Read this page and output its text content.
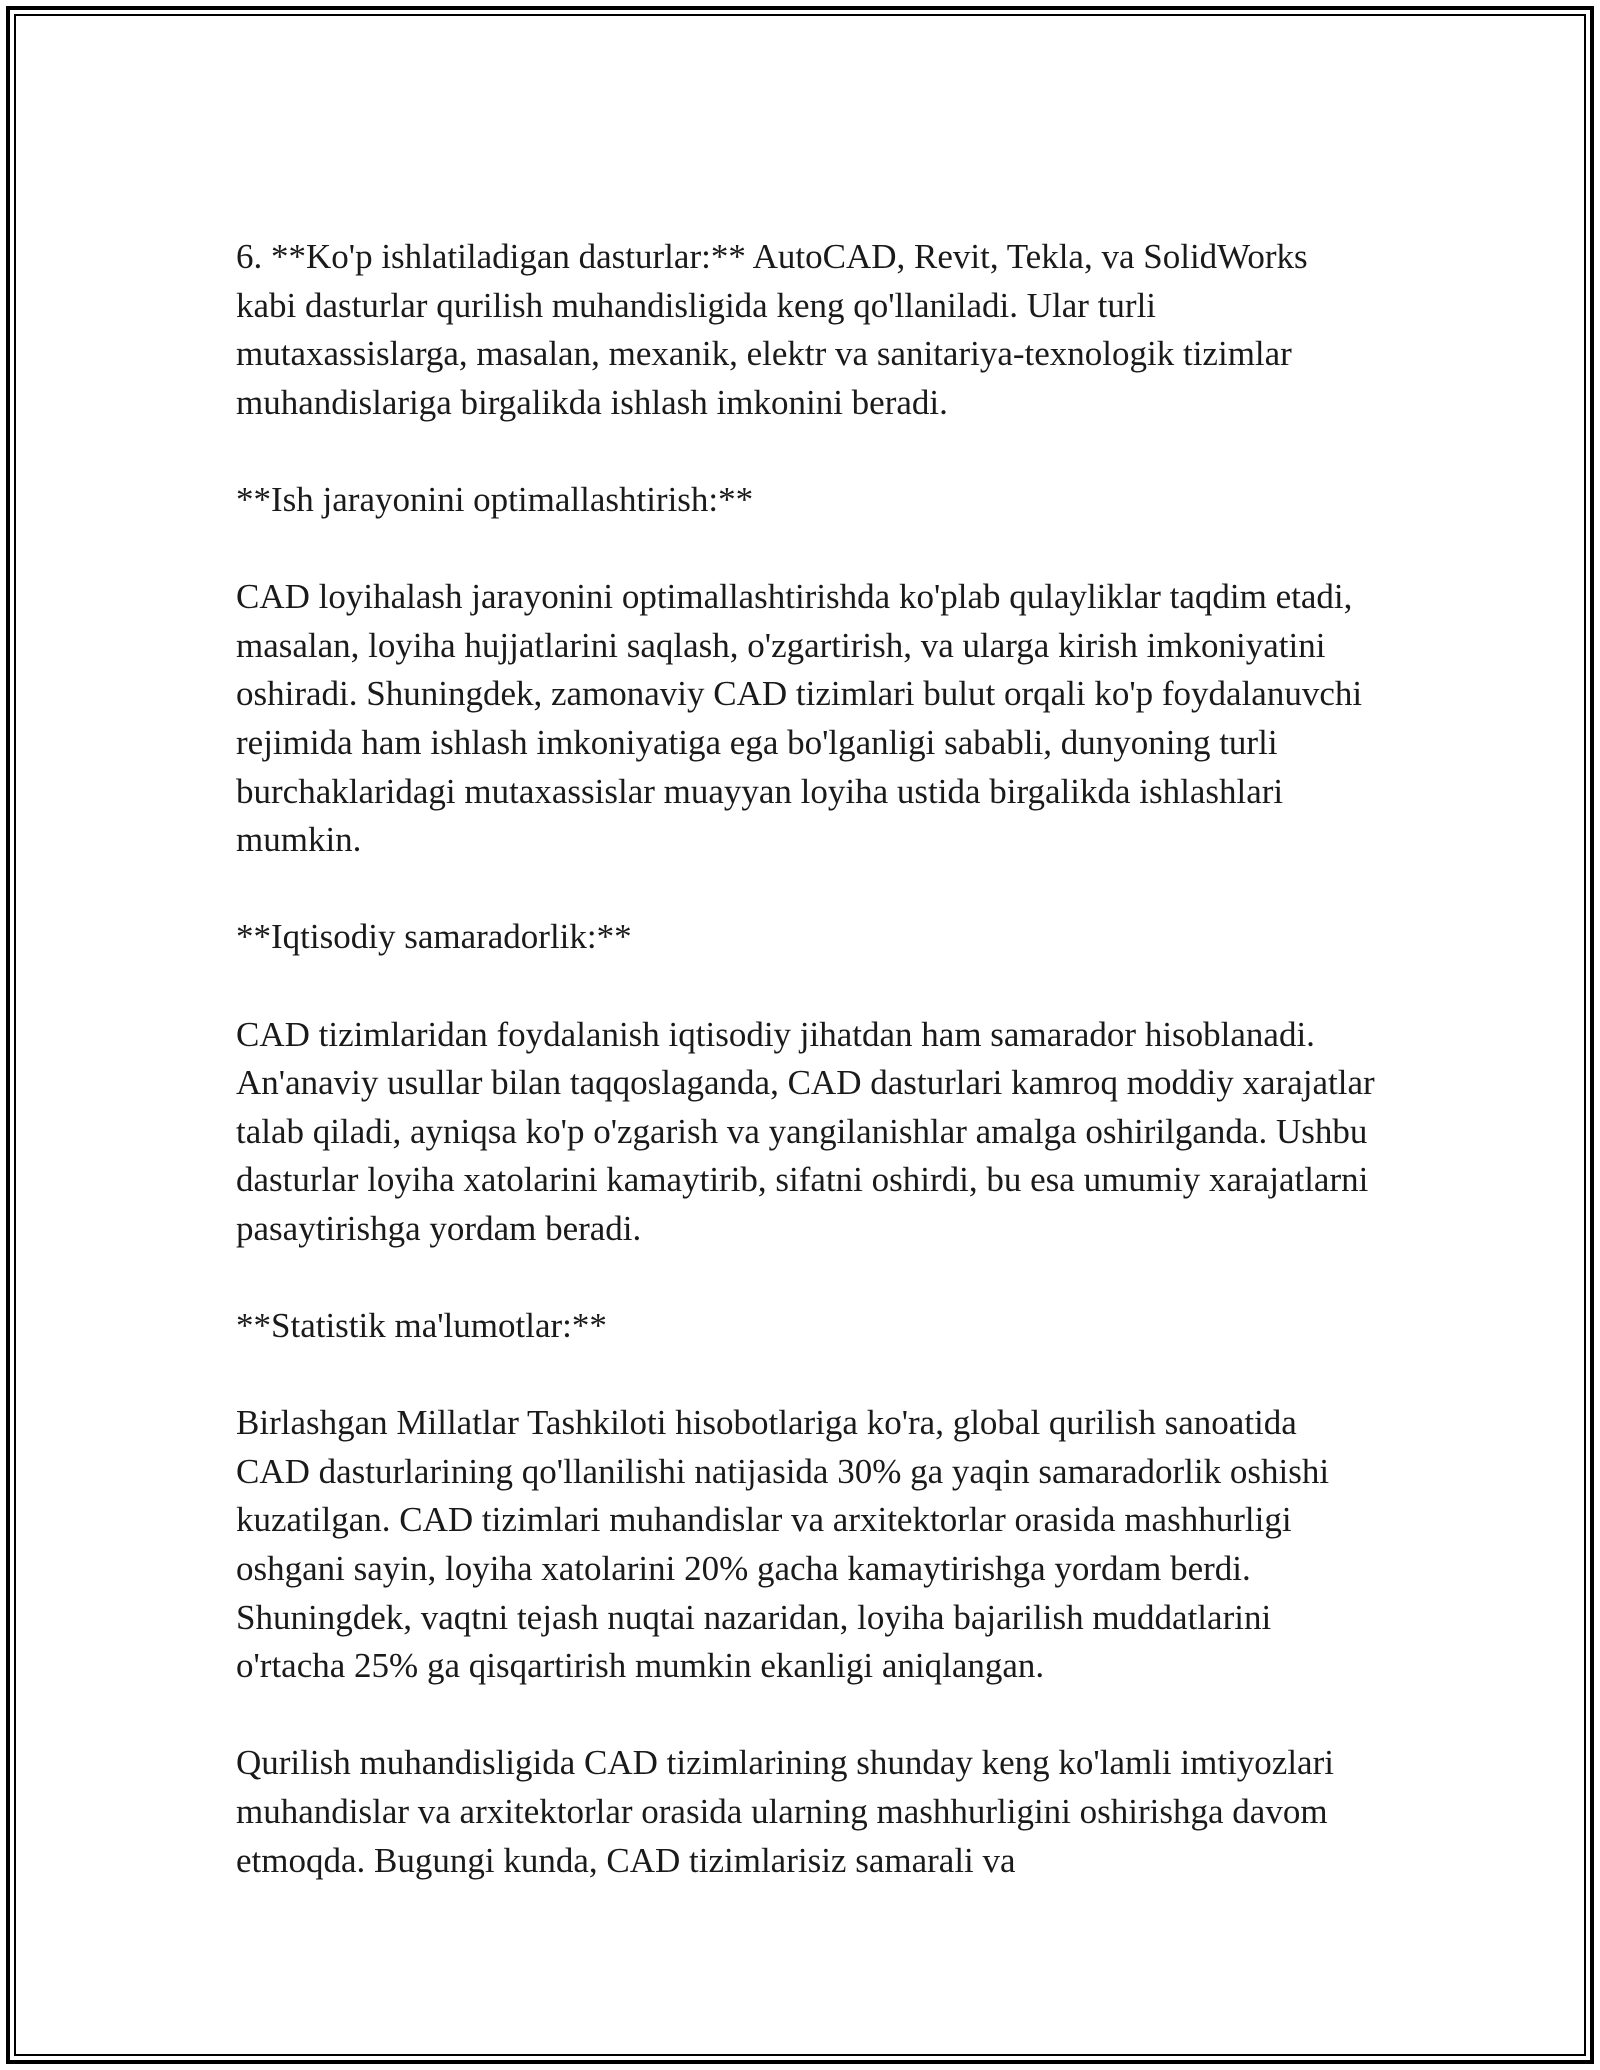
6. **Ko'p ishlatiladigan dasturlar:** AutoCAD, Revit, Tekla, va SolidWorks kabi dasturlar qurilish muhandisligida keng qo'llaniladi. Ular turli mutaxassislarga, masalan, mexanik, elektr va sanitariya-texnologik tizimlar muhandislariga birgalikda ishlash imkonini beradi.

**Ish jarayonini optimallashtirish:**

CAD loyihalash jarayonini optimallashtirishda ko'plab qulayliklar taqdim etadi, masalan, loyiha hujjatlarini saqlash, o'zgartirish, va ularga kirish imkoniyatini oshiradi. Shuningdek, zamonaviy CAD tizimlari bulut orqali ko'p foydalanuvchi rejimida ham ishlash imkoniyatiga ega bo'lganligi sababli, dunyoning turli burchaklaridagi mutaxassislar muayyan loyiha ustida birgalikda ishlashlari mumkin.

**Iqtisodiy samaradorlik:**

CAD tizimlaridan foydalanish iqtisodiy jihatdan ham samarador hisoblanadi. An'anaviy usullar bilan taqqoslaganda, CAD dasturlari kamroq moddiy xarajatlar talab qiladi, ayniqsa ko'p o'zgarish va yangilanishlar amalga oshirilganda. Ushbu dasturlar loyiha xatolarini kamaytirib, sifatni oshirdi, bu esa umumiy xarajatlarni pasaytirishga yordam beradi.

**Statistik ma'lumotlar:**

Birlashgan Millatlar Tashkiloti hisobotlariga ko'ra, global qurilish sanoatida CAD dasturlarining qo'llanilishi natijasida 30% ga yaqin samaradorlik oshishi kuzatilgan. CAD tizimlari muhandislar va arxitektorlar orasida mashhurligi oshgani sayin, loyiha xatolarini 20% gacha kamaytirishga yordam berdi. Shuningdek, vaqtni tejash nuqtai nazaridan, loyiha bajarilish muddatlarini o'rtacha 25% ga qisqartirish mumkin ekanligi aniqlangan.

Qurilish muhandisligida CAD tizimlarining shunday keng ko'lamli imtiyozlari muhandislar va arxitektorlar orasida ularning mashhurligini oshirishga davom etmoqda. Bugungi kunda, CAD tizimlarisiz samarali va
